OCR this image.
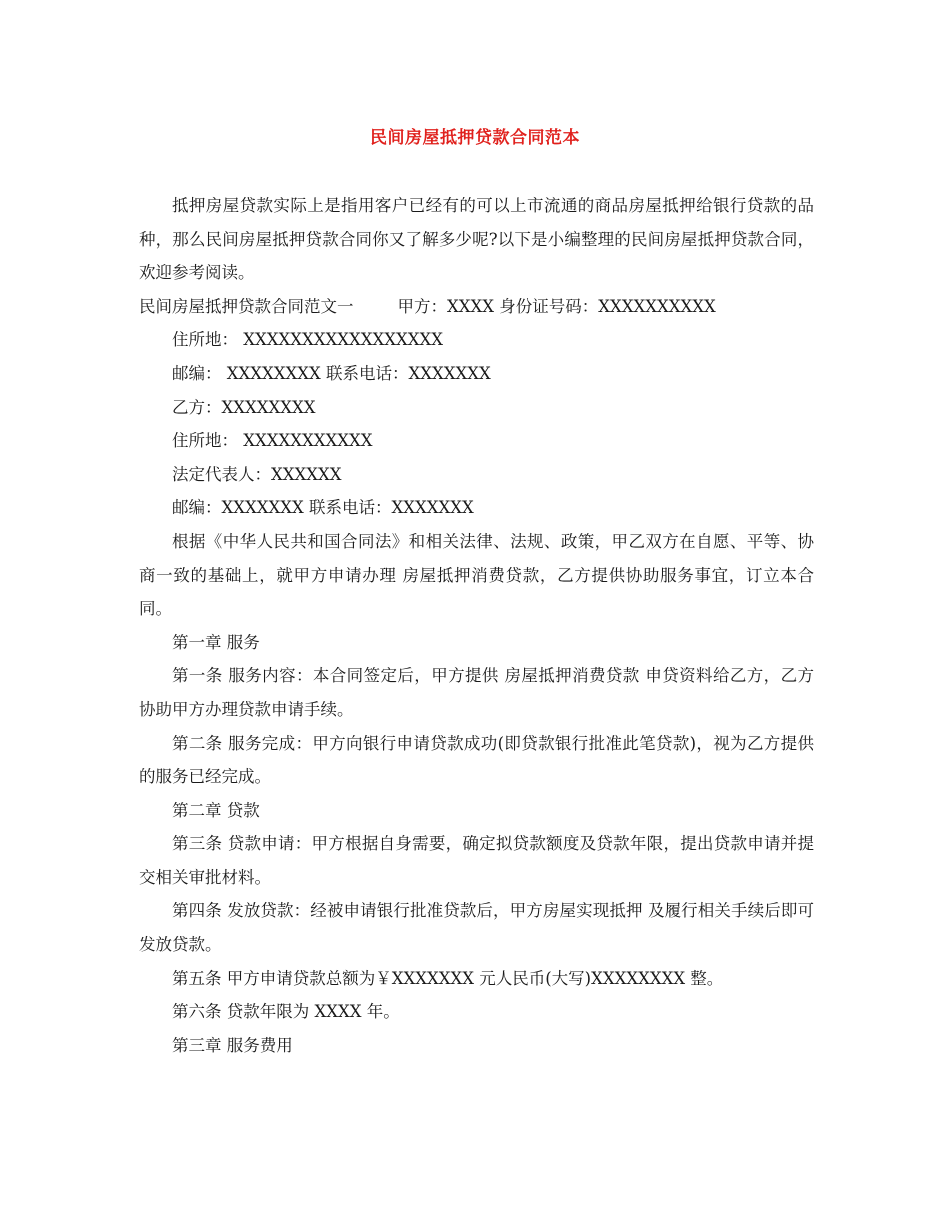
民间房屋抵押贷款合同范本

抵押房屋贷款实际上是指用客户已经有的可以上市流通的商品房屋抵押给银行贷款的品种，那么民间房屋抵押贷款合同你又了解多少呢?以下是小编整理的民间房屋抵押贷款合同，欢迎参考阅读。

民间房屋抵押贷款合同范文一	甲方：XXXX 身份证号码：XXXXXXXXXX

住所地： XXXXXXXXXXXXXXXXX

邮编： XXXXXXXX 联系电话：XXXXXXX

乙方：XXXXXXXX

住所地： XXXXXXXXXXX

法定代表人：XXXXXX

邮编：XXXXXXX 联系电话：XXXXXXX

根据《中华人民共和国合同法》和相关法律、法规、政策，甲乙双方在自愿、平等、协商一致的基础上，就甲方申请办理 房屋抵押消费贷款，乙方提供协助服务事宜，订立本合同。

第一章 服务

第一条 服务内容：本合同签定后，甲方提供 房屋抵押消费贷款 申贷资料给乙方，乙方协助甲方办理贷款申请手续。

第二条 服务完成：甲方向银行申请贷款成功(即贷款银行批准此笔贷款)，视为乙方提供的服务已经完成。

第二章 贷款

第三条 贷款申请：甲方根据自身需要，确定拟贷款额度及贷款年限，提出贷款申请并提交相关审批材料。

第四条 发放贷款：经被申请银行批准贷款后，甲方房屋实现抵押 及履行相关手续后即可发放贷款。

第五条 甲方申请贷款总额为￥XXXXXXX 元人民币(大写)XXXXXXXX 整。

第六条 贷款年限为 XXXX 年。

第三章 服务费用
